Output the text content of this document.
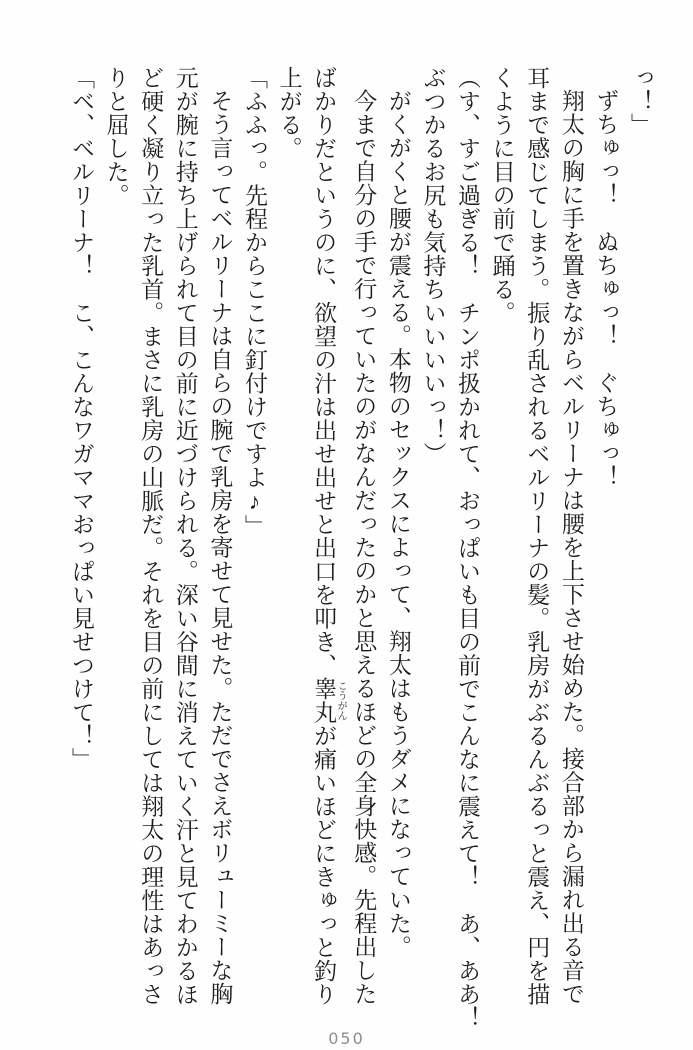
っ！」
ずちゅっ！　ぬちゅっ！　ぐちゅっ！
翔太の胸に手を置きながらベルリーナは腰を上下させ始めた。接合部から漏れ出る音で
耳まで感じてしまう。振り乱されるベルリーナの髪。乳房がぶるんぶるっと震え、円を描
くように目の前で踊る。
（す、すご過ぎる！　チンポ扱かれて、おっぱいも目の前でこんなに震えて！　あ、ああ！
ぶつかるお尻も気持ちいいいいっ！）
がくがくと腰が震える。本物のセックスによって、翔太はもうダメになっていた。
今まで自分の手で行っていたのがなんだったのかと思えるほどの全身快感。先程出した
ばかりだというのに、欲望の汁は出せ出せと出口を叩き、睾丸 こうがんが痛いほどにきゅっと釣り
上がる。
「ふふっ。先程からここに釘付けですよ♪」
そう言ってベルリーナは自らの腕で乳房を寄せて見せた。ただでさえボリューミーな胸
元が腕に持ち上げられて目の前に近づけられる。深い谷間に消えていく汗と見てわかるほ
ど硬く凝り立った乳首。まさに乳房の山脈だ。それを目の前にしては翔太の理性はあっさ
りと屈した。
「ベ、ベルリーナ！　こ、こんなワガママおっぱい見せつけて！」
050
